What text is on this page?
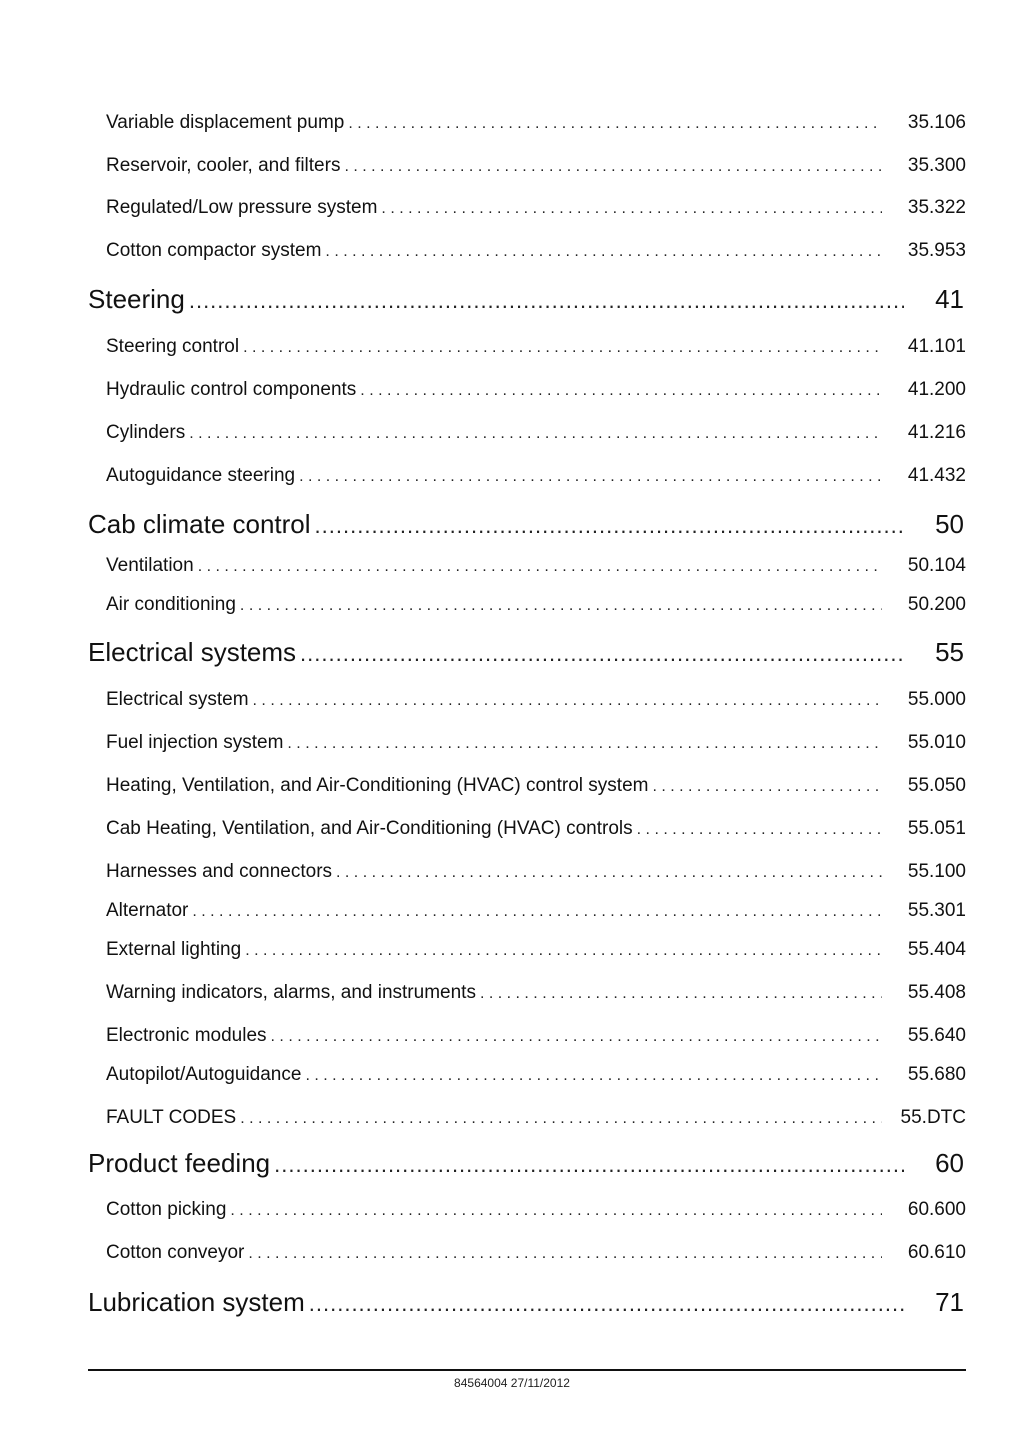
Variable displacement pump . . .	35.106
Reservoir, cooler, and filters . . .	35.300
Regulated/Low pressure system . . .	35.322
Cotton compactor system . . .	35.953
Steering .....	41
Steering control . . .	41.101
Hydraulic control components . . .	41.200
Cylinders . . .	41.216
Autoguidance steering . . .	41.432
Cab climate control .....	50
Ventilation . . .	50.104
Air conditioning . . .	50.200
Electrical systems .....	55
Electrical system . . .	55.000
Fuel injection system . . .	55.010
Heating, Ventilation, and Air-Conditioning (HVAC) control system . . .	55.050
Cab Heating, Ventilation, and Air-Conditioning (HVAC) controls . . .	55.051
Harnesses and connectors . . .	55.100
Alternator . . .	55.301
External lighting . . .	55.404
Warning indicators, alarms, and instruments . . .	55.408
Electronic modules . . .	55.640
Autopilot/Autoguidance . . .	55.680
FAULT CODES . . .	55.DTC
Product feeding .....	60
Cotton picking . . .	60.600
Cotton conveyor . . .	60.610
Lubrication system .....	71
84564004 27/11/2012
